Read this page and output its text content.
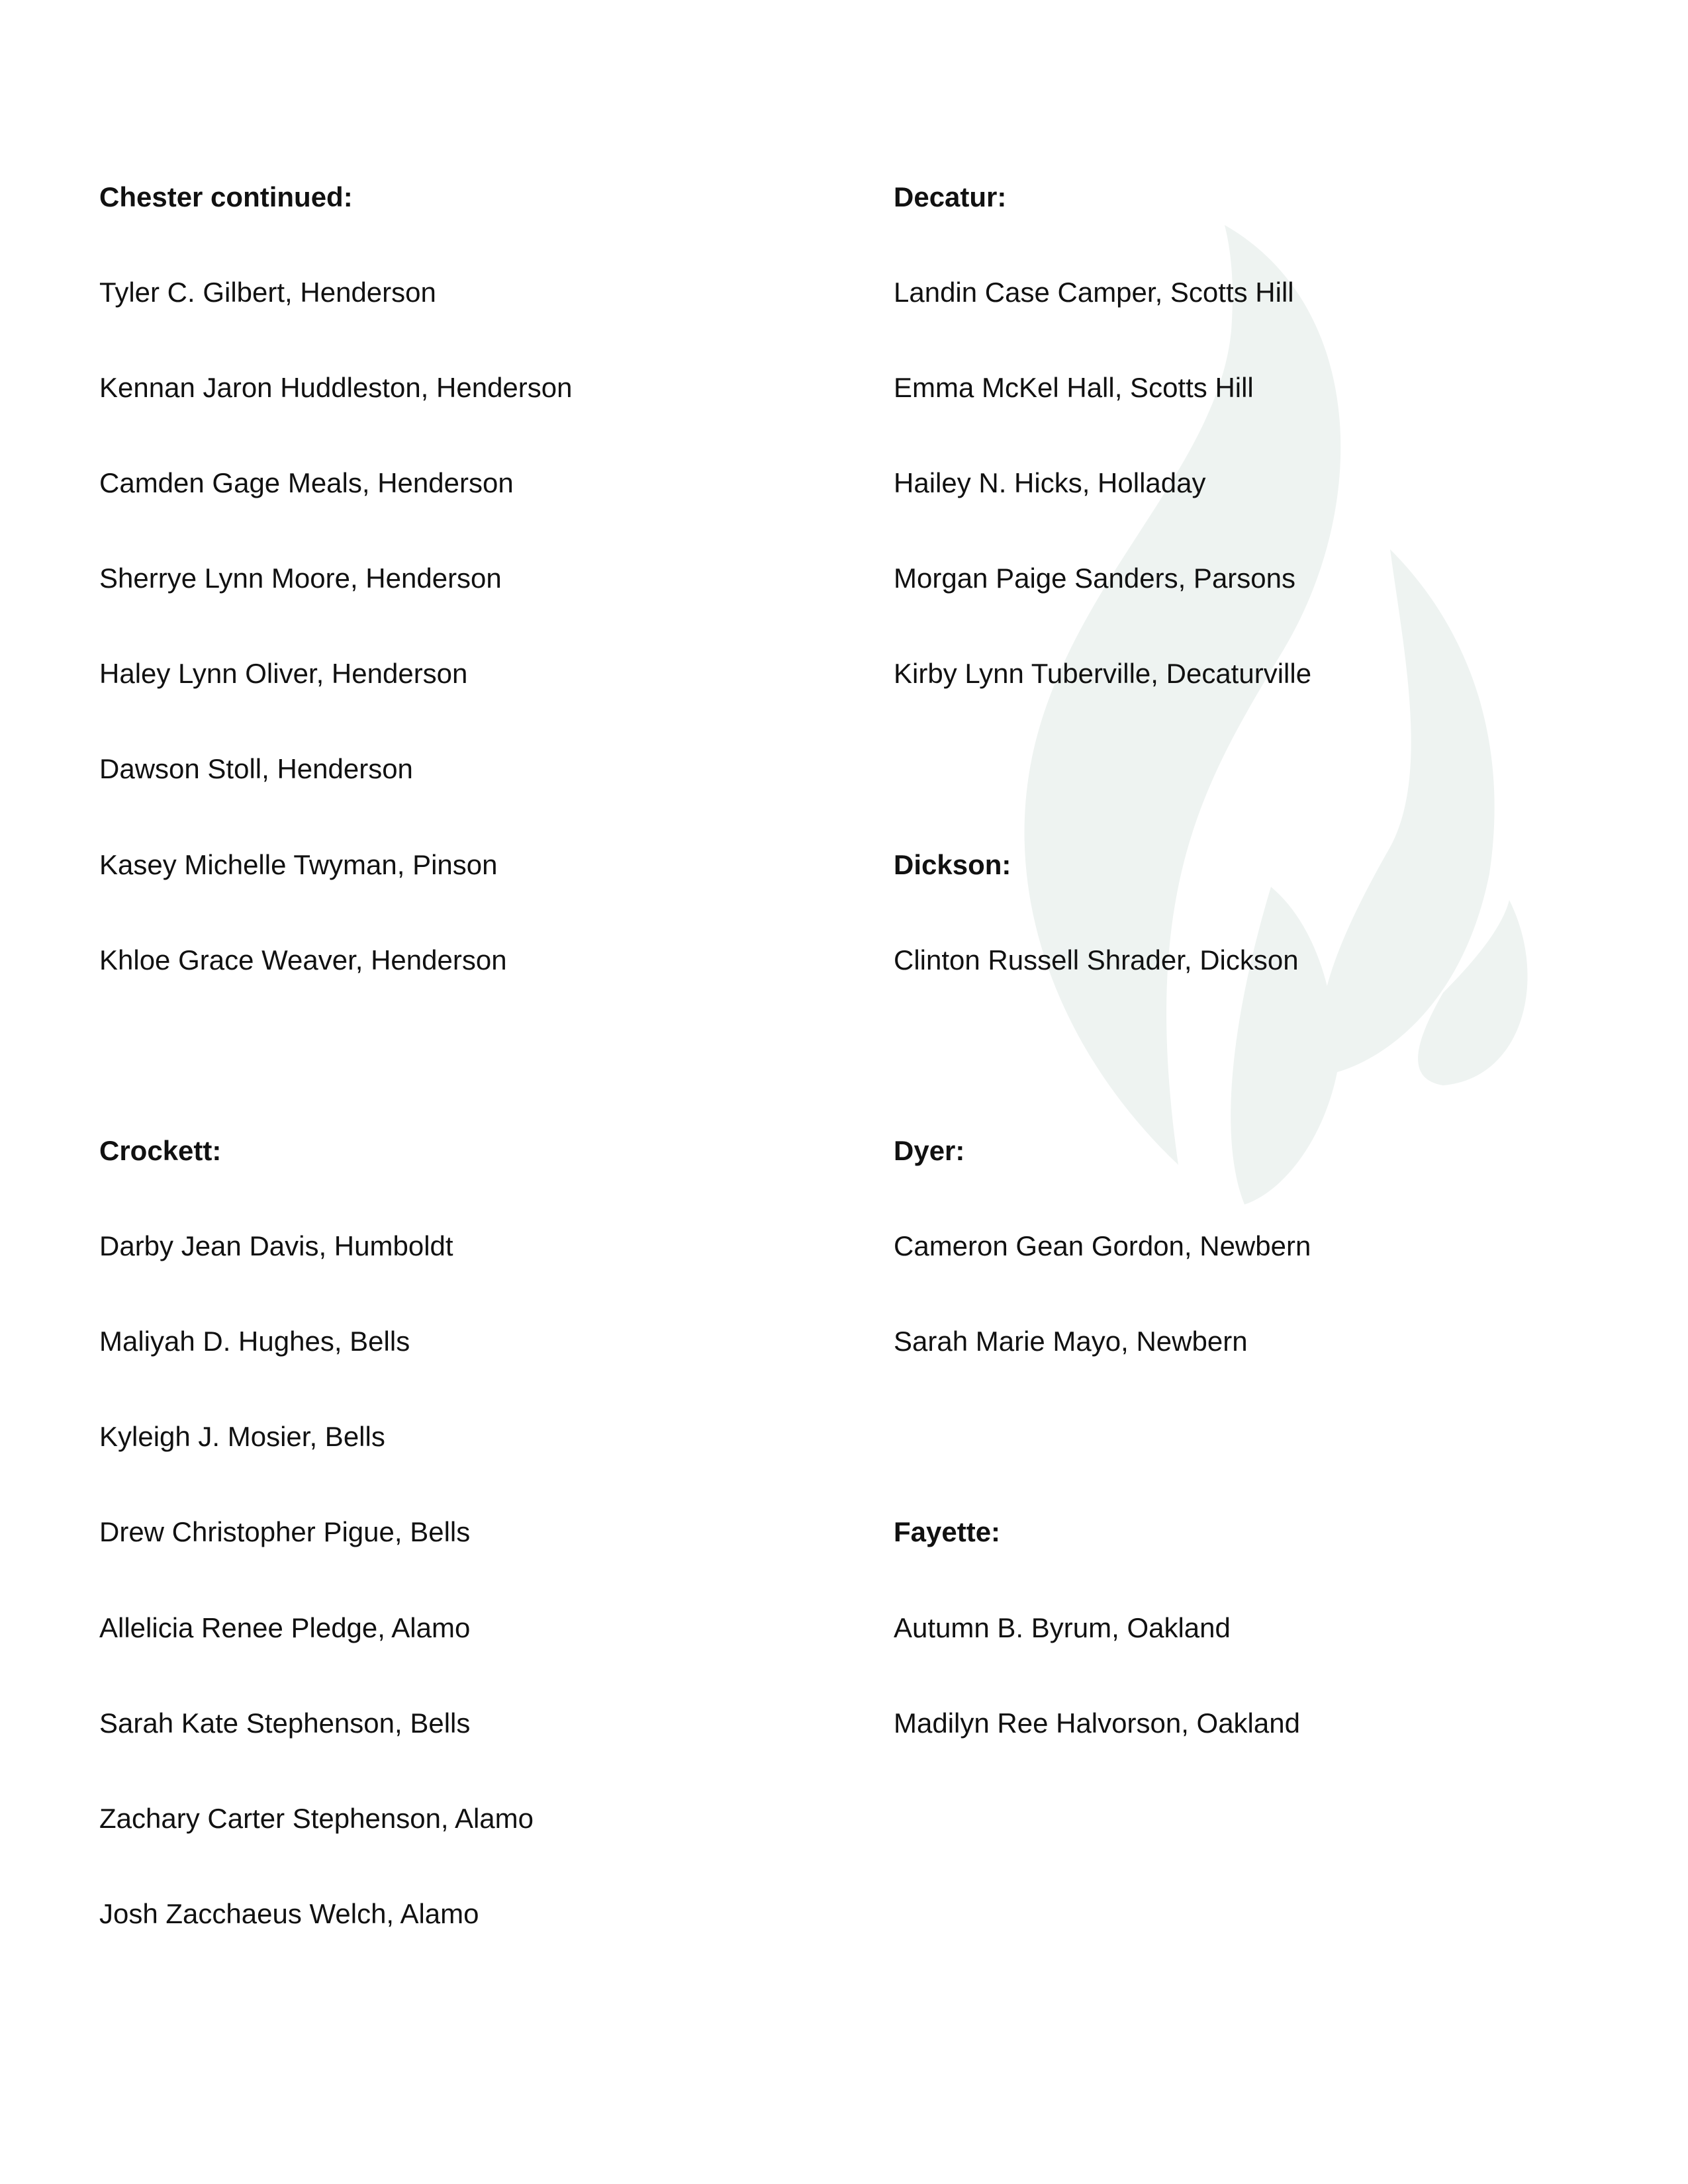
Chester continued:
Tyler C. Gilbert, Henderson
Kennan Jaron Huddleston, Henderson
Camden Gage Meals, Henderson
Sherrye Lynn Moore, Henderson
Haley Lynn Oliver, Henderson
Dawson Stoll, Henderson
Kasey Michelle Twyman, Pinson
Khloe Grace Weaver, Henderson
Crockett:
Darby Jean Davis, Humboldt
Maliyah D. Hughes, Bells
Kyleigh J. Mosier, Bells
Drew Christopher Pigue, Bells
Allelicia Renee Pledge, Alamo
Sarah Kate Stephenson, Bells
Zachary Carter Stephenson, Alamo
Josh Zacchaeus Welch, Alamo
Decatur:
Landin Case Camper, Scotts Hill
Emma McKel Hall, Scotts Hill
Hailey N. Hicks, Holladay
Morgan Paige Sanders, Parsons
Kirby Lynn Tuberville, Decaturville
Dickson:
Clinton Russell Shrader, Dickson
Dyer:
Cameron Gean Gordon, Newbern
Sarah Marie Mayo, Newbern
Fayette:
Autumn B. Byrum, Oakland
Madilyn Ree Halvorson, Oakland
